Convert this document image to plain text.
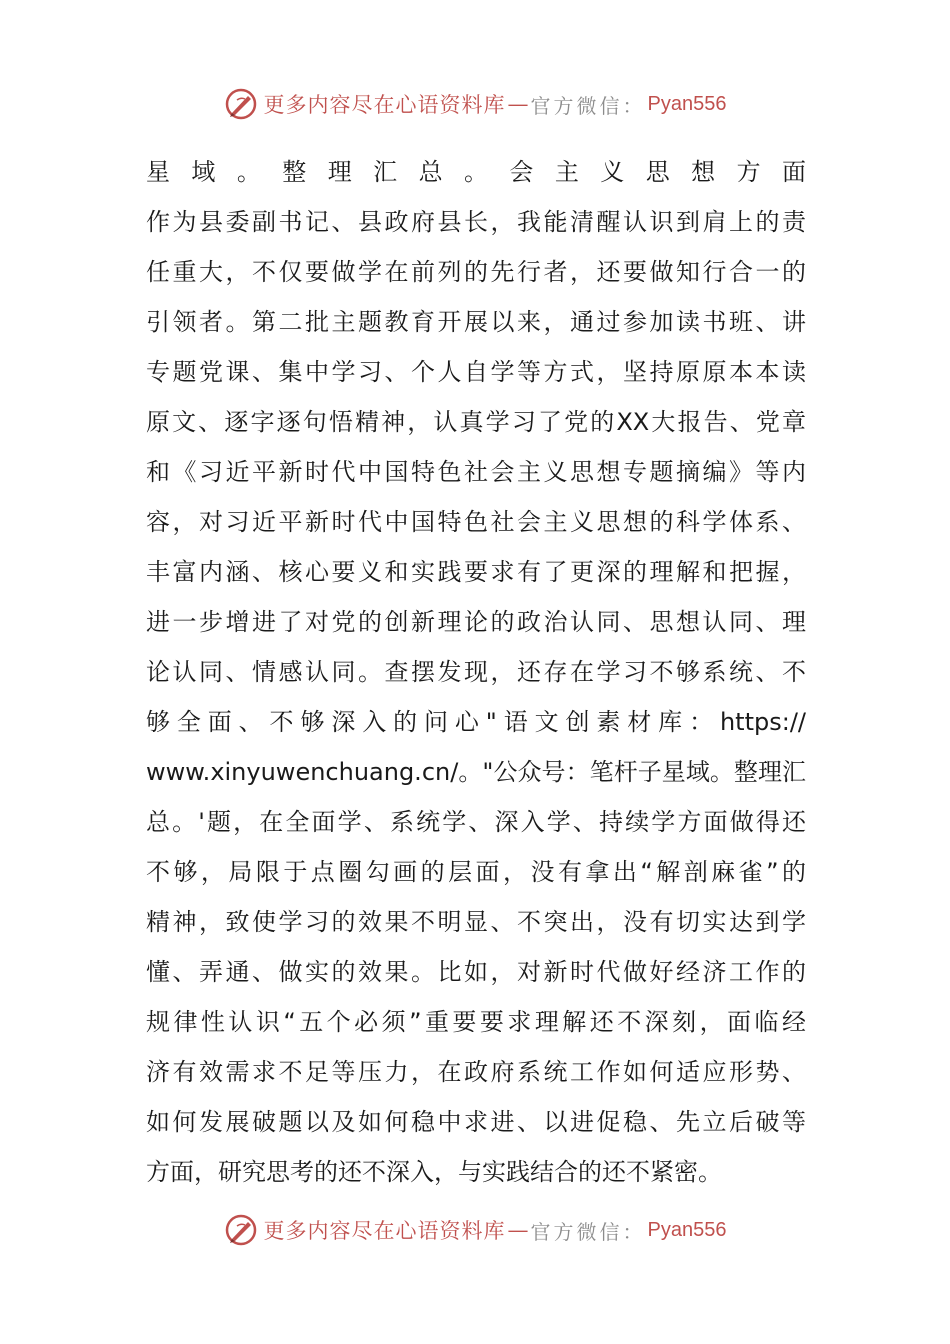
更多内容尽在心语资料库 — 官方微信： Pyan556
星域。整理汇总。会主义思想方面
作为县委副书记、县政府县长，我能清醒认识到肩上的责
任重大，不仅要做学在前列的先行者，还要做知行合一的
引领者。第二批主题教育开展以来，通过参加读书班、讲
专题党课、集中学习、个人自学等方式，坚持原原本本读
原文、逐字逐句悟精神，认真学习了党的XX大报告、党章
和《习近平新时代中国特色社会主义思想专题摘编》等内
容，对习近平新时代中国特色社会主义思想的科学体系、
丰富内涵、核心要义和实践要求有了更深的理解和把握，
进一步增进了对党的创新理论的政治认同、思想认同、理
论认同、情感认同。查摆发现，还存在学习不够系统、不
够全面、不够深入的问心"语文创素材库：https://
www.xinyuwenchuang.cn/。"公众号：笔杆子星域。整理汇
总。'题，在全面学、系统学、深入学、持续学方面做得还
不够，局限于点圈勾画的层面，没有拿出“解剖麻雀”的
精神，致使学习的效果不明显、不突出，没有切实达到学
懂、弄通、做实的效果。比如，对新时代做好经济工作的
规律性认识“五个必须”重要要求理解还不深刻，面临经
济有效需求不足等压力，在政府系统工作如何适应形势、
如何发展破题以及如何稳中求进、以进促稳、先立后破等
方面，研究思考的还不深入，与实践结合的还不紧密。
更多内容尽在心语资料库 — 官方微信： Pyan556
